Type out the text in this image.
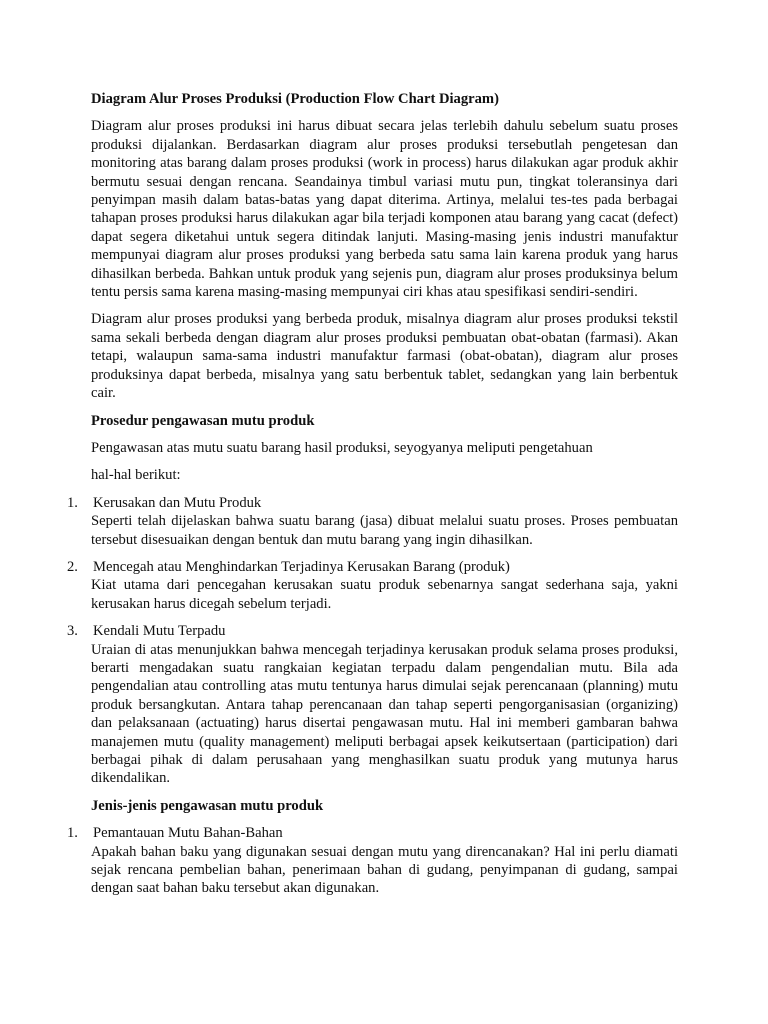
Diagram Alur Proses Produksi (Production Flow Chart Diagram)

Diagram alur proses produksi ini harus dibuat secara jelas terlebih dahulu sebelum suatu proses produksi dijalankan. Berdasarkan diagram alur proses produksi tersebutlah pengetesan dan monitoring atas barang dalam proses produksi (work in process) harus dilakukan agar produk akhir bermutu sesuai dengan rencana. Seandainya timbul variasi mutu pun, tingkat toleransinya dari penyimpan masih dalam batas-batas yang dapat diterima. Artinya, melalui tes-tes pada berbagai tahapan proses produksi harus dilakukan agar bila terjadi komponen atau barang yang cacat (defect) dapat segera diketahui untuk segera ditindak lanjuti. Masing-masing jenis industri manufaktur mempunyai diagram alur proses produksi yang berbeda satu sama lain karena produk yang harus dihasilkan berbeda. Bahkan untuk produk yang sejenis pun, diagram alur proses produksinya belum tentu persis sama karena masing-masing mempunyai ciri khas atau spesifikasi sendiri-sendiri.

Diagram alur proses produksi yang berbeda produk, misalnya diagram alur proses produksi tekstil sama sekali berbeda dengan diagram alur proses produksi pembuatan obat-obatan (farmasi). Akan tetapi, walaupun sama-sama industri manufaktur farmasi (obat-obatan), diagram alur proses produksinya dapat berbeda, misalnya yang satu berbentuk tablet, sedangkan yang lain berbentuk cair.

Prosedur pengawasan mutu produk

Pengawasan atas mutu suatu barang hasil produksi, seyogyanya meliputi pengetahuan

hal-hal berikut:

1. Kerusakan dan Mutu Produk
Seperti telah dijelaskan bahwa suatu barang (jasa) dibuat melalui suatu proses. Proses pembuatan tersebut disesuaikan dengan bentuk dan mutu barang yang ingin dihasilkan.
2. Mencegah atau Menghindarkan Terjadinya Kerusakan Barang (produk)
Kiat utama dari pencegahan kerusakan suatu produk sebenarnya sangat sederhana saja, yakni kerusakan harus dicegah sebelum terjadi.
3. Kendali Mutu Terpadu
Uraian di atas menunjukkan bahwa mencegah terjadinya kerusakan produk selama proses produksi, berarti mengadakan suatu rangkaian kegiatan terpadu dalam pengendalian mutu. Bila ada pengendalian atau controlling atas mutu tentunya harus dimulai sejak perencanaan (planning) mutu produk bersangkutan. Antara tahap perencanaan dan tahap seperti pengorganisasian (organizing) dan pelaksanaan (actuating) harus disertai pengawasan mutu. Hal ini memberi gambaran bahwa manajemen mutu (quality management) meliputi berbagai apsek keikutsertaan (participation) dari berbagai pihak di dalam perusahaan yang menghasilkan suatu produk yang mutunya harus dikendalikan.
Jenis-jenis pengawasan mutu produk
1. Pemantauan Mutu Bahan-Bahan
Apakah bahan baku yang digunakan sesuai dengan mutu yang direncanakan? Hal ini perlu diamati sejak rencana pembelian bahan, penerimaan bahan di gudang, penyimpanan di gudang, sampai dengan saat bahan baku tersebut akan digunakan.
